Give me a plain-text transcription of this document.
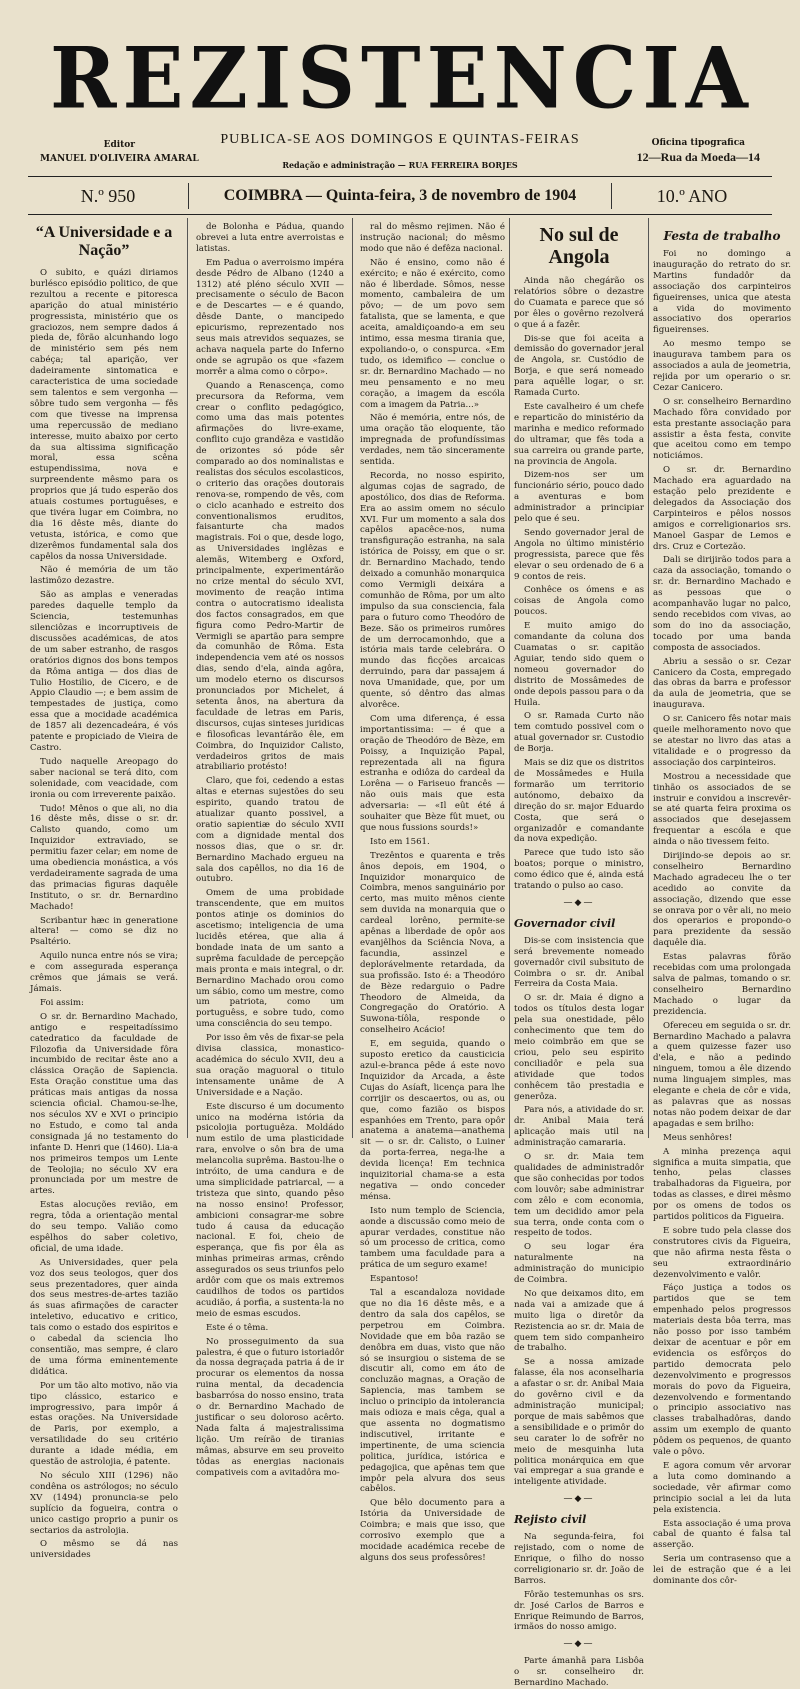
REZISTENCIA
Editor
MANUEL D'OLIVEIRA AMARAL
PUBLICA-SE AOS DOMINGOS E QUINTAS-FEIRAS
Redação e administração — RUA FERREIRA BORJES
Oficina tipografica
12—Rua da Moeda—14
N.º 950	COIMBRA — Quinta-feira, 3 de novembro de 1904	10.º ANO
“A Universidade e a Nação”

O subito, e quázi diriamos burlésco episódio politico, de que rezultou a recente e pitoresca aparição do atual ministério progressista, ministério que os graciozos, nem sempre dados á pieda de, fôrão alcunhando logo de ministério sem pés nem cabéça; tal aparição, ver dadeiramente sintomatica e caracteristica de uma sociedade sem talentos e sem vergonha — sôbre tudo sem vergonha — fês com que tivesse na imprensa uma repercussão de mediano interesse, muito abaixo por certo da sua altissima significação moral, essa scêna estupendissima, nova e surpreendente mêsmo para os proprios que já tudo esperão dos atuais costumes portuguêses, e que tivéra lugar em Coimbra, no dia 16 dêste mês, diante do vetusta, istórica, e como que dizerêmos fundamental sala dos capêlos da nossa Universidade.

Não é memória de um tão lastimôzo dezastre.

São as amplas e veneradas paredes daquelle templo da Sciencia, testemunhas silenciôzas e incorruptiveis de discussões académicas, de atos de um saber estranho, de rasgos oratórios dignos dos bons tempos da Rôma antiga — dos dias de Tulio Hostilio, de Cicero, e de Appio Claudio —; e bem assim de tempestades de justiça, como essa que a mocidade académica de 1857 ali dezencadeára, é vós patente e propiciado de Vieira de Castro.

Tudo naquelle Areopago do saber nacional se terá dito, com solenidade, com veacidade, com ironia ou com irreverente paixão.

Tudo! Mênos o que ali, no dia 16 dêste mês, disse o sr. dr. Calisto quando, como um Inquizidor extraviado, se permitiu fazer celar; em nome de uma obediencia monástica, a vós verdadeiramente sagrada de uma das primacias figuras daquêle Instituto, o sr. dr. Bernardino Machado!

Scribantur hæc in generatione altera! — como se diz no Psaltério.

Aquilo nunca entre nós se vira; e com assegurada esperança crêmos que jámais se verá. Jámais.

Foi assim:

O sr. dr. Bernardino Machado, antigo e respeitadíssimo catedratico da faculdade de Filozofia da Universidade fôra incumbido de recitar êste ano a clássica Oração de Sapiencia. Esta Oração constitue uma das práticas mais antigas da nossa sciencia oficial. Chamou-se-lhe, nos séculos XV e XVI o principio no Estudo, e como tal anda consignada já no testamento do infante D. Henri que (1460). Lia-a nos primeiros tempos um Lente de Teolojia; no século XV era pronunciada por um mestre de artes.

Estas alocuções revião, em regra, tôda a orientação mental do seu tempo. Valião como espêlhos do saber coletivo, oficial, de uma idade.

As Universidades, quer pela voz dos seus teologos, quer dos seus prezentadores, quer ainda dos seus mestres-de-artes tazião ás suas afirmações de caracter inteletivo, educativo e critico, tais como o estado dos espiritos e o cabedal da sciencia lho consentião, mas sempre, é claro de uma fórma eminentemente didática.

Por um tão alto motivo, não via tipo clássico, estarico e improgressivo, para impôr á estas orações. Na Universidade de Paris, por exemplo, a versatilidade do seu critério durante a idade média, em questão de astrolojia, é patente.

No século XIII (1296) não condêna os astrólogos; no século XV (1494) pronuncia-se pelo suplício da fogueira, contra o unico castigo proprio a punir os sectarios da astrolojia.

O mêsmo se dá nas universidades

de Bolonha e Pádua, quando obrevei a luta entre averroistas e latistas.

Em Padua o averroismo impéra desde Pédro de Albano (1240 a 1312) até pléno século XVII — precisamente o século de Bacon e de Descartes — e é quando, dêsde Dante, o mancipedo epicurismo, reprezentado nos seus mais atrevidos sequazes, se achava naquela parte do Inferno onde se agrupão os que «fazem morrêr a alma como o côrpo».

Quando a Renascença, como precursora da Reforma, vem crear o conflito pedagógico, como uma das mais potentes afirmações do livre-exame, conflito cujo grandêza e vastidão de orizontes só póde sêr comparado ao dos nominalistas e realistas dos séculos escolasticos, o criterio das orações doutorais renova-se, rompendo de vês, com o ciclo acanhado e estreito dos conventionalismos eruditos, faisanturte cha mados magistrais. Foi o que, desde logo, as Universidades inglêzas e alemãs, Witemberg e Oxford, principalmente, experimentárão no crize mental do século XVI, movimento de reação intima contra o autocratismo idealista dos factos consagrados, em que figura como Pedro-Martir de Vermigli se apartão para sempre da comunhão de Rôma. Esta independencia vem até os nossos dias, sendo d'ela, ainda agôra, um modelo eterno os discursos pronunciados por Michelet, á setenta ânos, na abertura da faculdade de letras em Paris, discursos, cujas sinteses juridicas e filosoficas levantárão êle, em Coimbra, do Inquizidor Calisto, verdadeiros gritos de mais atrabiliario protésto!

Claro, que foi, cedendo a estas altas e eternas sujestões do seu espirito, quando tratou de atualizar quanto possivel, a oratio sapientiæ do século XVII com a dignidade mental dos nossos dias, que o sr. dr. Bernardino Machado ergueu na sala dos capêllos, no dia 16 de outubro.

Omem de uma probidade transcendente, que em muitos pontos atinje os dominios do ascetismo; inteligencia de uma lucidês etérea, que alia á bondade inata de um santo a suprêma faculdade de percepção mais pronta e mais integral, o dr. Bernardino Machado orou como um sábio, como um mestre, como um patriota, como um portuguêss, e sobre tudo, como uma consciência do seu tempo.

Por isso êm vês de fixar-se pela divisa classica, monastico-académica do século XVII, deu a sua oração maguoral o titulo intensamente unâme de A Universidade e a Nação.

Este discurso é um documento unico na modérna istória da psicolojia portuguêza. Moldádo num estilo de uma plasticidade rara, envolve o sôn bra de uma melancolia suprêma. Bastou-lhe o intróito, de uma candura e de uma simplicidade patriarcal, — a tristeza que sinto, quando pêso na nosso ensino! Professor, ambicioni consagrar-me sobre tudo á causa da educação nacional. E foi, cheio de esperança, que fis por êla as minhas primeiras armas, crêndo assegurados os seus triunfos pelo ardôr com que os mais extremos caudilhos de todos os partidos acudião, á porfia, a sustenta-la no meio de esmas escudos.

Este é o têma.

No prosseguimento da sua palestra, é que o futuro istoriadôr da nossa degraçada patria á de ir procurar os elementos da nossa ruina mental, da decadencia basbarrósa do nosso ensino, trata o dr. Bernardino Machado de justificar o seu doloroso acêrto. Nada falta á majestralissima lição. Um reírão de tiranias mâmas, absurve em seu proveito tôdas as energias nacionais compativeis com a avitadôra mo-

ral do mêsmo rejimen. Não é instrução nacional; do mêsmo modo que não é defêza nacional.

Não é ensino, como não é exército; e não é exército, como não é liberdade. Sômos, nesse momento, cambaleira de um põvo; — de um povo sem fatalista, que se lamenta, e que aceita, amaldiçoando-a em seu intimo, essa mesma tirania que, expoliando-o, o conspurca. «Em tudo, os idemifico — conclue o sr. dr. Bernardino Machado — no meu pensamento e no meu coração, a imagem da escóla com a imagem da Patria...»

Não é memória, entre nós, de uma oração tão eloquente, tão impregnada de profundíssimas verdades, nem tão sinceramente sentida.

Recorda, no nosso espirito, algumas cojas de sagrado, de apostólico, dos dias de Reforma. Era ao assim omem no século XVI. Fur um momento a sala dos capêlos apacêce-nos, numa transfiguração estranha, na sala istórica de Poissy, em que o sr. dr. Bernardino Machado, tendo deixado a comunhão monarquica como Vermigli deixára a comunhão de Rôma, por um alto impulso da sua consciencia, fala para o futuro como Theodóro de Beze. São os primeiros rumôres de um derrocamonhdo, que a istória mais tarde celebrára. O mundo das ficções arcaicas derruindo, para dar passajem á nova Umanidade, que, por um quente, só dêntro das almas alvorêce.

Com uma diferença, é essa importantissima: — é que a oração de Theodóro de Bèze, em Poissy, a Inquizição Papal, reprezentada ali na figura estranha e odiôza do cardeal da Lorêna — o Fariseuo francês — não ouis mais que esta adversaria: — «Il eût été á souhaiter que Bèze fût muet, ou que nous fussions sourds!»

Isto em 1561.

Trezêntos e quarenta e três ânos depois, em 1904, o Inquizidor monarquico de Coimbra, menos sanguinário por certo, mas muito mênos ciente sem duvida na monarquia que o cardeal lorêno, permite-se apênas a liberdade de opôr aos evanjêlhos da Sciência Nova, a facundia, assinzel e deplorávelmente retardada, da sua profissão. Isto é: a Theodóro de Bèze redarguio o Padre Theodoro de Almeida, da Congregação do Oratório. A Suwona-tíôla, responde o conselheiro Acácio!

E, em seguida, quando o suposto eretico da causticicia azul-e-branca pêde á este novo Inquizidor da Arcada, a êste Cujas do Asíaft, licença para lhe corrijir os descaertos, ou as, ou que, como fazião os bispos espanhóes em Trento, para opôr anatema a anatema—anathema sit — o sr. dr. Calisto, o Luiner da porta-ferrea, nega-lhe a devida licença! Em technica inquizitorial chama-se a esta negativa — ondo conceder ménsa.

Isto num templo de Sciencia, aonde a discussão como meio de apurar verdades, constitue não só um processo de critica, como tambem uma faculdade para a prática de um seguro exame!

Espantoso!

Tal a escandaloza novidade que no dia 16 dêste mês, e a dentro da sala dos capêlos, se perpetrou em Coimbra. Novidade que em bôa razão se denôbra em duas, visto que não só se insurgiou o sistema de se discutir ali, como em áto de concluzão magnas, a Oração de Sapiencia, mas tambem se incluo o principio da intolerancia mais odioza e mais cêga, qual a que assenta no dogmatismo indiscutivel, irritante e impertinente, de uma sciencia politica, jurídica, istórica e pedagojica, que apênas tem que impôr pela alvura dos seus cabêlos.

Que bêlo documento para a Istória da Universidade de Coimbra; e mais que isso, que corrosivo exemplo que a mocidade académica recebe de alguns dos seus professôres!

No sul de Angola

Ainda não chegárão os relatórios sôbre o dezastre do Cuamata e parece que só por êles o govêrno rezolverá o que á a fazêr.

Dis-se que foi aceita a demissão do governador jeral de Angola, sr. Custódio de Borja, e que será nomeado para aquêlle logar, o sr. Ramada Curto.

Este cavalheiro é um chefe e reparticão do ministério da marinha e medico reformado do ultramar, que fês toda a sua carreira ou grande parte, na provincia de Angola.

Dizem-nos ser um funcionário sério, pouco dado a aventuras e bom administrador a principiar pelo que é seu.

Sendo governador jeral de Angola no último ministério progressista, parece que fês elevar o seu ordenado de 6 a 9 contos de reis.

Conhêce os ómens e as coisas de Angola como poucos.

E muito amigo do comandante da coluna dos Cuamatas o sr. capitão Aguiar, tendo sido quem o nomeou governador do distrito de Mossâmedes de onde depois passou para o da Huila.

O sr. Ramada Curto não tem comtudo possivel com o atual governador sr. Custodio de Borja.

Mais se diz que os distritos de Mossâmedes e Huila formarão um territorio autónomo, debaixo da direção do sr. major Eduardo Costa, que será o organizadôr e comandante da nova expedição.

Parece que tudo isto são boatos; porque o ministro, como édico que é, ainda está tratando o pulso ao caso.

—◆—
Governador civil

Dis-se com insistencia que será brevemente nomeado governadôr civil subsituto de Coimbra o sr. dr. Anibal Ferreira da Costa Maia.

O sr. dr. Maia é digno a todos os títulos desta logar pela sua onestidade, pêlo conhecimento que tem do meio coimbrão em que se criou, pelo seu espirito conciliadôr e pela sua atividade que todos conhêcem tão prestadia e generôza.

Para nós, a atividade do sr. dr. Anibal Maia terá aplicação mais util na administração camararia.

O sr. dr. Maia tem qualidades de administradôr que são conhecidas por todos com louvôr; sabe administrar com zêlo e com economia, tem um decidido amor pela sua terra, onde conta com o respeito de todos.

O seu logar éra naturalmente na administração do municipio de Coimbra.

No que deixamos dito, em nada vai a amizade que á muito liga o diretôr da Rezistencia ao sr. dr. Maia de quem tem sido companheiro de trabalho.

Se a nossa amizade falasse, éla nos aconselharia a afastar o sr. dr. Anibal Maia do govêrno civil e da administração municipal; porque de mais sabêmos que a sensibilidade e o primôr do seu carater lo de sofrêr no meio de mesquinha luta politica monárquica em que vai empregar a sua grande e inteligente atividade.

—◆—
Rejisto civil

Na segunda-feira, foi rejistado, com o nome de Enrique, o filho do nosso correligionario sr. dr. João de Barros.

Fôrão testemunhas os srs. dr. José Carlos de Barros e Enrique Reimundo de Barros, irmãos do nosso amigo.

—◆—

Parte ámanhã para Lisbôa o sr. conselheiro dr. Bernardino Machado.

Festa de trabalho

Foi no domingo a inauguração do retrato do sr. Martins fundadôr da associação dos carpinteiros figueirenses, unica que atesta a vida do movimento associativo dos operarios figueirenses.

Ao mesmo tempo se inaugurava tambem para os associados a aula de jeometria, rejida por um operario o sr. Cezar Canicero.

O sr. conselheiro Bernardino Machado fôra convidado por esta prestante associação para assistir a êsta festa, convite que aceitou como em tempo noticiámos.

O sr. dr. Bernardino Machado era aguardado na estação pelo prezidente e delegados da Associação dos Carpinteiros e pêlos nossos amigos e correligionarios srs. Manoel Gaspar de Lemos e drs. Cruz e Cortezão.

Dali se dirijirão todos para a caza da associação, tomando o sr. dr. Bernardino Machado e as pessoas que o acompanhavão lugar no palco, sendo recebidos com vivas, ao som do ino da associação, tocado por uma banda composta de associados.

Abriu a sessão o sr. Cezar Canicero da Costa, empregado das obras da barra e professor da aula de jeometria, que se inaugurava.

O sr. Canicero fês notar mais queile melhoramento novo que se atestar no livro das atas a vitalidade e o progresso da associação dos carpinteiros.

Mostrou a necessidade que tinhão os associados de se instruir e convidou a inscrevêr-se até quarta feira proxima os associados que desejassem frequentar a escóla e que ainda o não tivessem feito.

Dirijindo-se depois ao sr. conselheiro Bernardino Machado agradeceu lhe o ter acedido ao convite da associação, dizendo que esse se onrava por o vêr ali, no meio dos operarios e propondo-o para prezidente da sessão daquêle dia.

Estas palavras fôrão recebidas com uma prolongada salva de palmas, tomando o sr. conselheiro Bernardino Machado o lugar da prezidencia.

Ofereceu em seguida o sr. dr. Bernardino Machado a palavra a quem quizesse fazer uso d'ela, e não a pedindo ninguem, tomou a êle dizendo numa linguajem simples, mas elegante e cheia de côr e vida, as palavras que as nossas notas não podem deixar de dar apagadas e sem brilho:

Meus senhôres!

A minha prezença aqui significa a muita simpatia, que tenho, pelas classes trabalhadoras da Figueira, por todas as classes, e direi mêsmo por os omens de todos os partidos politicos da Figueira.

E sobre tudo pela classe dos construtores civis da Figueira, que não afirma nesta fêsta o seu extraordinário dezenvolvimento e valôr.

Fáço justiça a todos os partidos que se tem empenhado pelos progressos materiais desta bôa terra, mas não posso por isso também deixar de acentuar e pôr em evidencia os esfôrços do partido democrata pelo dezenvolvimento e progressos morais do povo da Figueira, dezenvolvendo e formentando o principio associativo nas classes trabalhadôras, dando assim um exemplo de quanto pôdem os pequenos, de quanto vale o pôvo.

E agora comum vêr arvorar a luta como dominando a sociedade, vêr afirmar como principio social a lei da luta pela existencia.

Esta associação é uma prova cabal de quanto é falsa tal asserção.

Seria um contrasenso que a lei de estração que é a lei dominante dos côr-
